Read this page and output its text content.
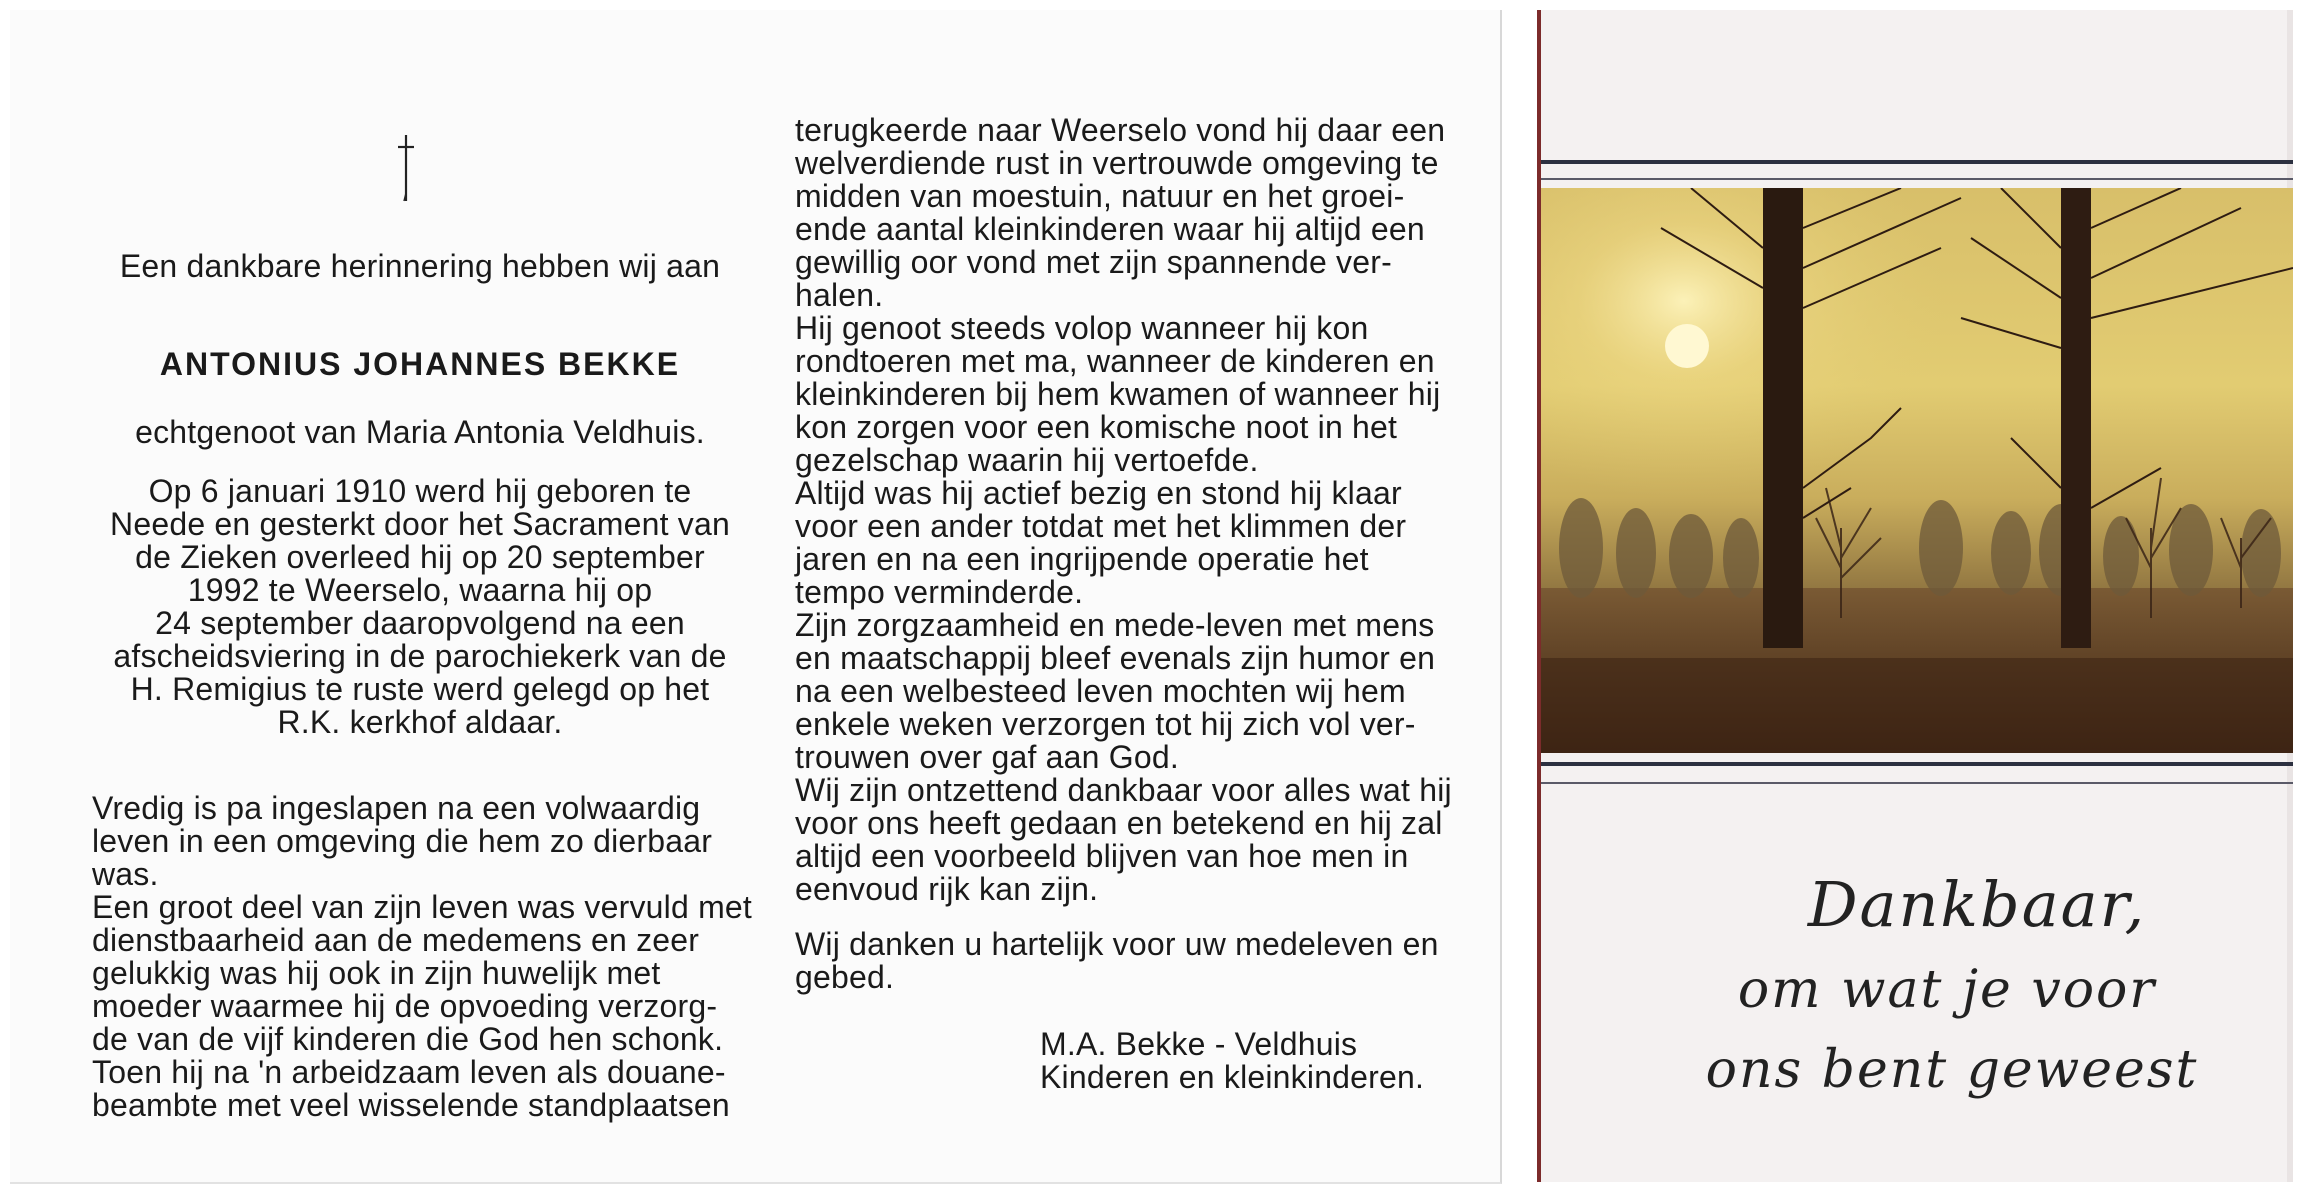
Een dankbare herinnering hebben wij aan
ANTONIUS JOHANNES BEKKE
echtgenoot van Maria Antonia Veldhuis.
Op 6 januari 1910 werd hij geboren te
Neede en gesterkt door het Sacrament van
de Zieken overleed hij op 20 september
1992 te Weerselo, waarna hij op
24 september daaropvolgend na een
afscheidsviering in de parochiekerk van de
H. Remigius te ruste werd gelegd op het
R.K. kerkhof aldaar.
Vredig is pa ingeslapen na een volwaardig
leven in een omgeving die hem zo dierbaar
was.
Een groot deel van zijn leven was vervuld met
dienstbaarheid aan de medemens en zeer
gelukkig was hij ook in zijn huwelijk met
moeder waarmee hij de opvoeding verzorg-
de van de vijf kinderen die God hen schonk.
Toen hij na 'n arbeidzaam leven als douane-
beambte met veel wisselende standplaatsen
terugkeerde naar Weerselo vond hij daar een
welverdiende rust in vertrouwde omgeving te
midden van moestuin, natuur en het groei-
ende aantal kleinkinderen waar hij altijd een
gewillig oor vond met zijn spannende ver-
halen.
Hij genoot steeds volop wanneer hij kon
rondtoeren met ma, wanneer de kinderen en
kleinkinderen bij hem kwamen of wanneer hij
kon zorgen voor een komische noot in het
gezelschap waarin hij vertoefde.
Altijd was hij actief bezig en stond hij klaar
voor een ander totdat met het klimmen der
jaren en na een ingrijpende operatie het
tempo verminderde.
Zijn zorgzaamheid en mede-leven met mens
en maatschappij bleef evenals zijn humor en
na een welbesteed leven mochten wij hem
enkele weken verzorgen tot hij zich vol ver-
trouwen over gaf aan God.
Wij zijn ontzettend dankbaar voor alles wat hij
voor ons heeft gedaan en betekend en hij zal
altijd een voorbeeld blijven van hoe men in
eenvoud rijk kan zijn.
Wij danken u hartelijk voor uw medeleven en
gebed.
M.A. Bekke - Veldhuis
Kinderen en kleinkinderen.
Dankbaar,
om wat je voor
ons bent geweest
